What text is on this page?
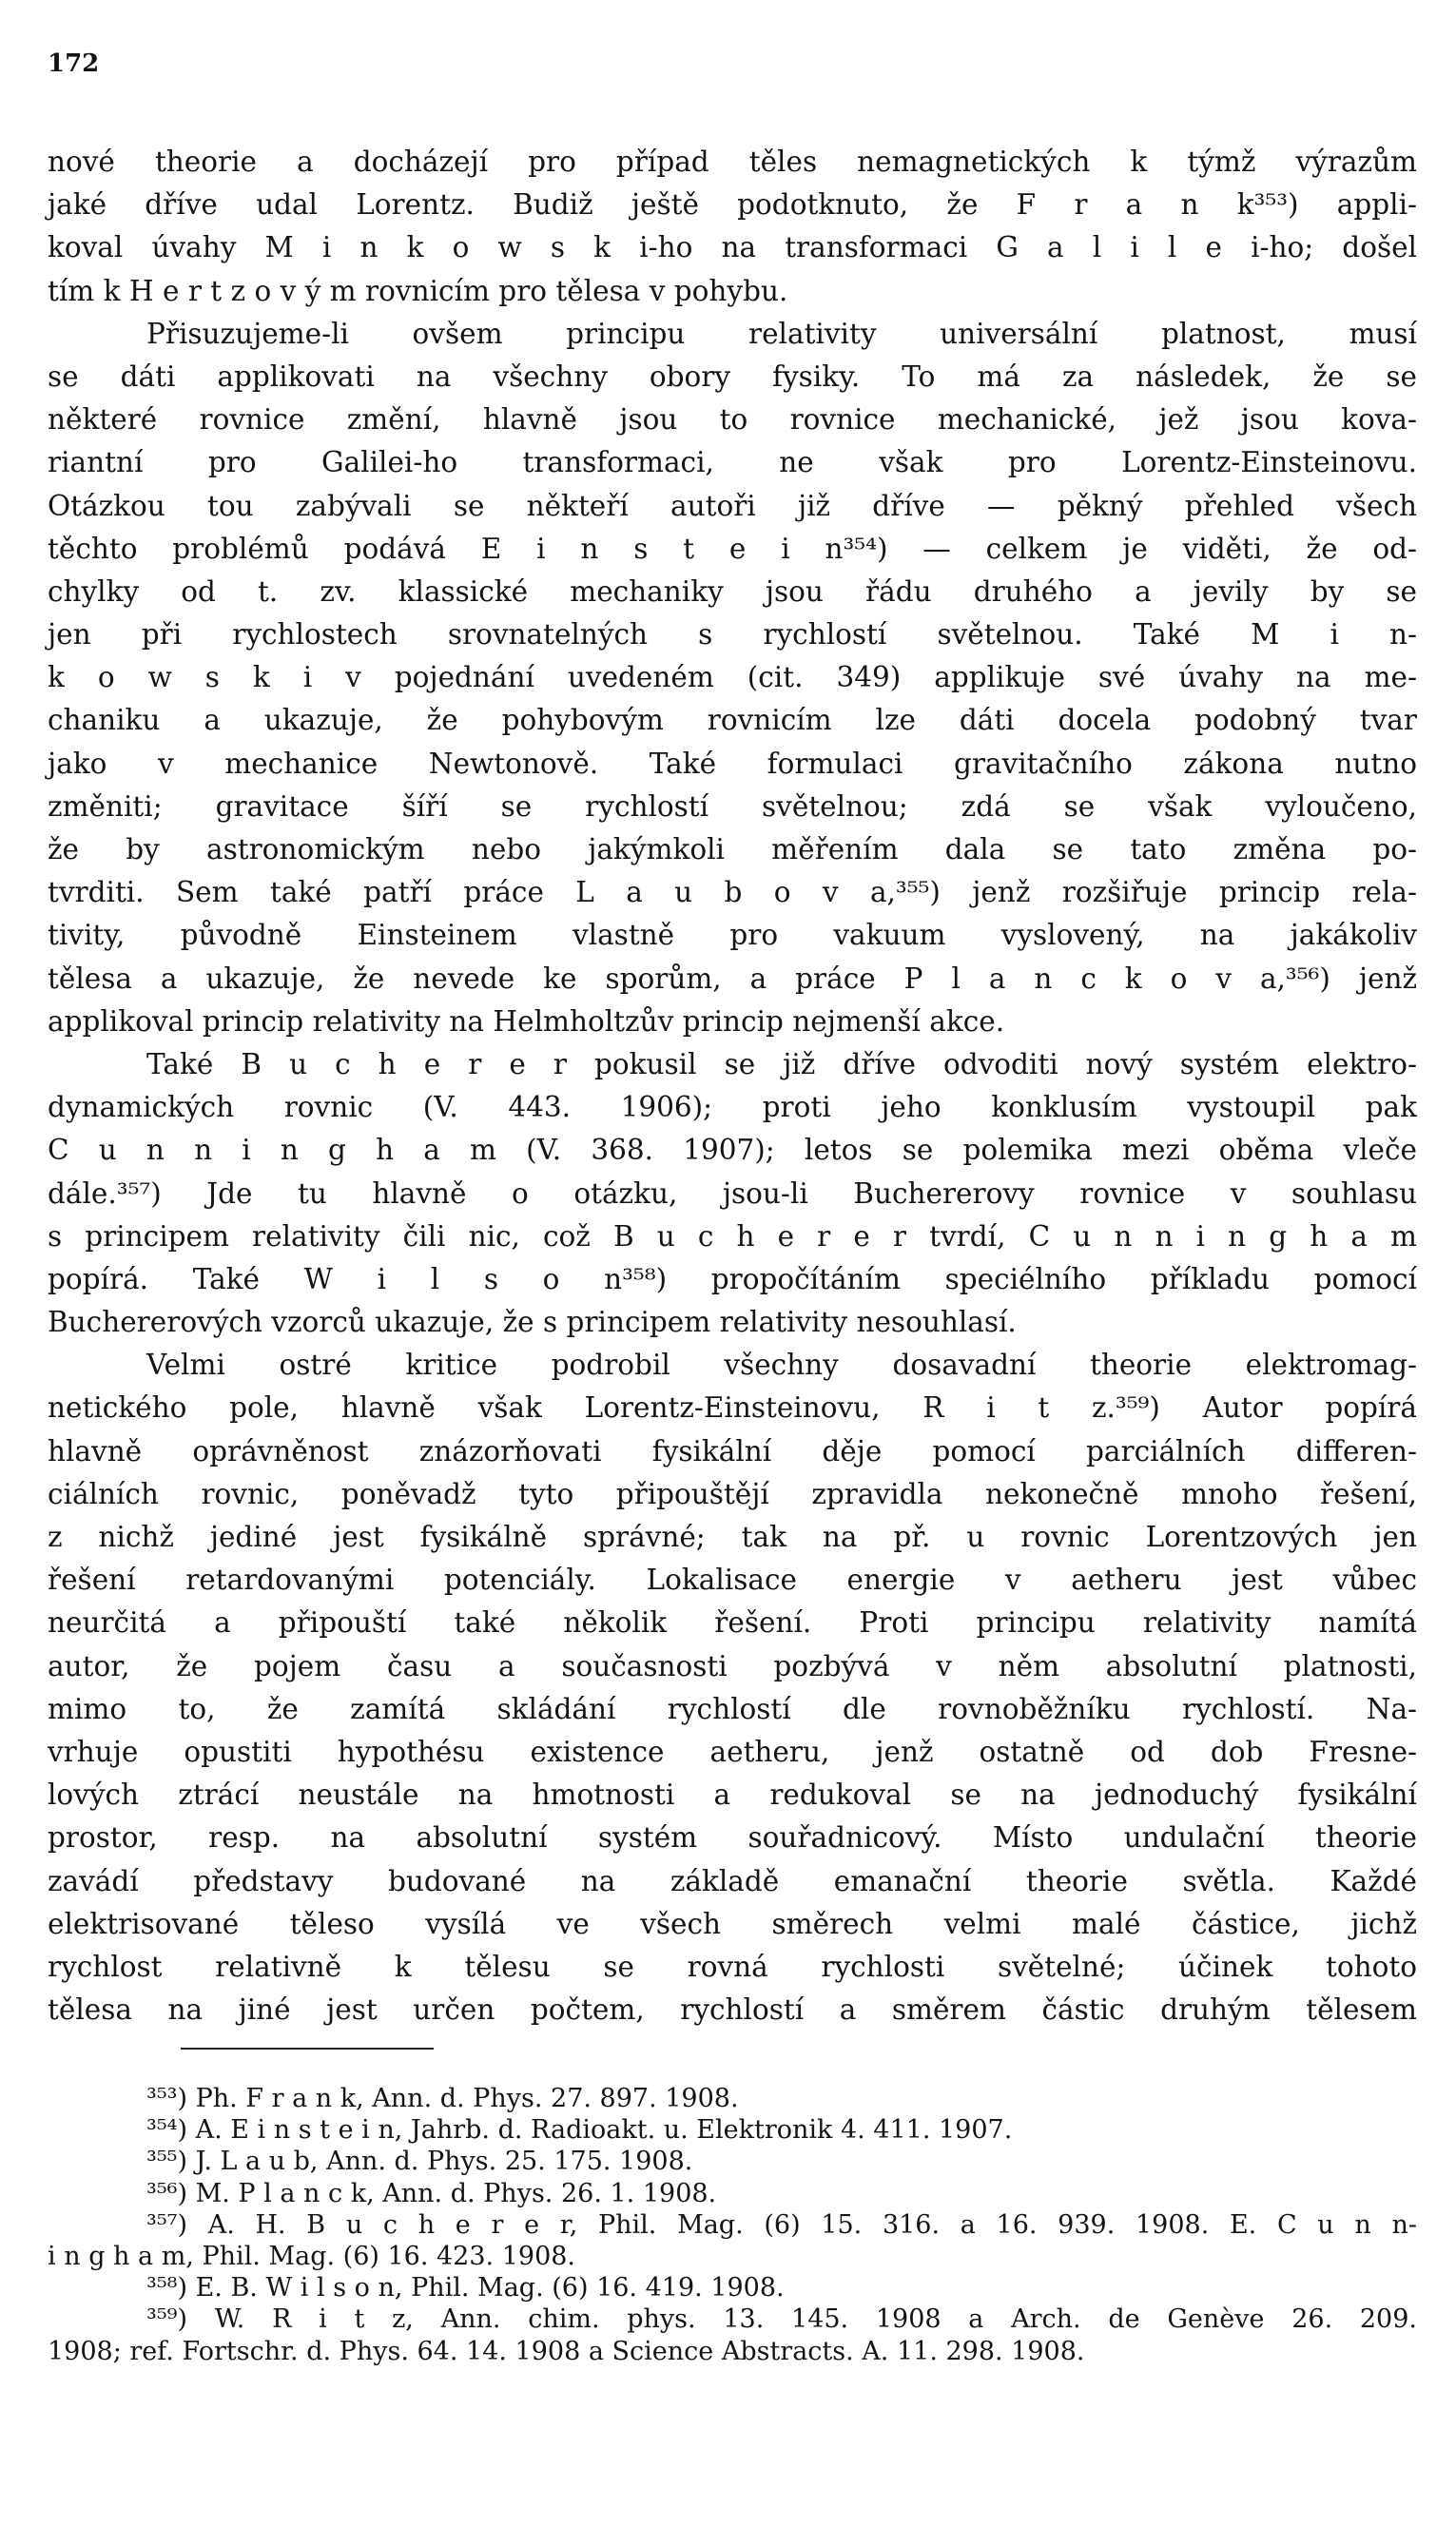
172
nové theorie a docházejí pro případ těles nemagnetických k týmž výrazům
jaké dříve udal Lorentz. Budiž ještě podotknuto, že F r a n k³⁵³) appli-
koval úvahy M i n k o w s k i-ho na transformaci G a l i l e i-ho; došel
tím k H e r t z o v ý m rovnicím pro tělesa v pohybu.
Přisuzujeme-li ovšem principu relativity universální platnost, musí
se dáti applikovati na všechny obory fysiky. To má za následek, že se
některé rovnice změní, hlavně jsou to rovnice mechanické, jež jsou kova-
riantní pro Galilei-ho transformaci, ne však pro Lorentz-Einsteinovu.
Otázkou tou zabývali se někteří autoři již dříve — pěkný přehled všech
těchto problémů podává E i n s t e i n³⁵⁴) — celkem je viděti, že od-
chylky od t. zv. klassické mechaniky jsou řádu druhého a jevily by se
jen při rychlostech srovnatelných s rychlostí světelnou. Také M i n-
k o w s k i v pojednání uvedeném (cit. 349) applikuje své úvahy na me-
chaniku a ukazuje, že pohybovým rovnicím lze dáti docela podobný tvar
jako v mechanice Newtonově. Také formulaci gravitačního zákona nutno
změniti; gravitace šíří se rychlostí světelnou; zdá se však vyloučeno,
že by astronomickým nebo jakýmkoli měřením dala se tato změna po-
tvrditi. Sem také patří práce L a u b o v a,³⁵⁵) jenž rozšiřuje princip rela-
tivity, původně Einsteinem vlastně pro vakuum vyslovený, na jakákoliv
tělesa a ukazuje, že nevede ke sporům, a práce P l a n c k o v a,³⁵⁶) jenž
applikoval princip relativity na Helmholtzův princip nejmenší akce.
Také B u c h e r e r pokusil se již dříve odvoditi nový systém elektro-
dynamických rovnic (V. 443. 1906); proti jeho konklusím vystoupil pak
C u n n i n g h a m (V. 368. 1907); letos se polemika mezi oběma vleče
dále.³⁵⁷) Jde tu hlavně o otázku, jsou-li Buchererovy rovnice v souhlasu
s principem relativity čili nic, což B u c h e r e r tvrdí, C u n n i n g h a m
popírá. Také W i l s o n³⁵⁸) propočítáním speciélního příkladu pomocí
Buchererových vzorců ukazuje, že s principem relativity nesouhlasí.
Velmi ostré kritice podrobil všechny dosavadní theorie elektromag-
netického pole, hlavně však Lorentz-Einsteinovu, R i t z.³⁵⁹) Autor popírá
hlavně oprávněnost znázorňovati fysikální děje pomocí parciálních differen-
ciálních rovnic, poněvadž tyto připouštějí zpravidla nekonečně mnoho řešení,
z nichž jediné jest fysikálně správné; tak na př. u rovnic Lorentzových jen
řešení retardovanými potenciály. Lokalisace energie v aetheru jest vůbec
neurčitá a připouští také několik řešení. Proti principu relativity namítá
autor, že pojem času a současnosti pozbývá v něm absolutní platnosti,
mimo to, že zamítá skládání rychlostí dle rovnoběžníku rychlostí. Na-
vrhuje opustiti hypothésu existence aetheru, jenž ostatně od dob Fresne-
lových ztrácí neustále na hmotnosti a redukoval se na jednoduchý fysikální
prostor, resp. na absolutní systém souřadnicový. Místo undulační theorie
zavádí představy budované na základě emanační theorie světla. Každé
elektrisované těleso vysílá ve všech směrech velmi malé částice, jichž
rychlost relativně k tělesu se rovná rychlosti světelné; účinek tohoto
tělesa na jiné jest určen počtem, rychlostí a směrem částic druhým tělesem
³⁵³) Ph. F r a n k, Ann. d. Phys. 27. 897. 1908.
³⁵⁴) A. E i n s t e i n, Jahrb. d. Radioakt. u. Elektronik 4. 411. 1907.
³⁵⁵) J. L a u b, Ann. d. Phys. 25. 175. 1908.
³⁵⁶) M. P l a n c k, Ann. d. Phys. 26. 1. 1908.
³⁵⁷) A. H. B u c h e r e r, Phil. Mag. (6) 15. 316. a 16. 939. 1908. E. C u n n-
i n g h a m, Phil. Mag. (6) 16. 423. 1908.
³⁵⁸) E. B. W i l s o n, Phil. Mag. (6) 16. 419. 1908.
³⁵⁹) W. R i t z, Ann. chim. phys. 13. 145. 1908 a Arch. de Genève 26. 209.
1908; ref. Fortschr. d. Phys. 64. 14. 1908 a Science Abstracts. A. 11. 298. 1908.
